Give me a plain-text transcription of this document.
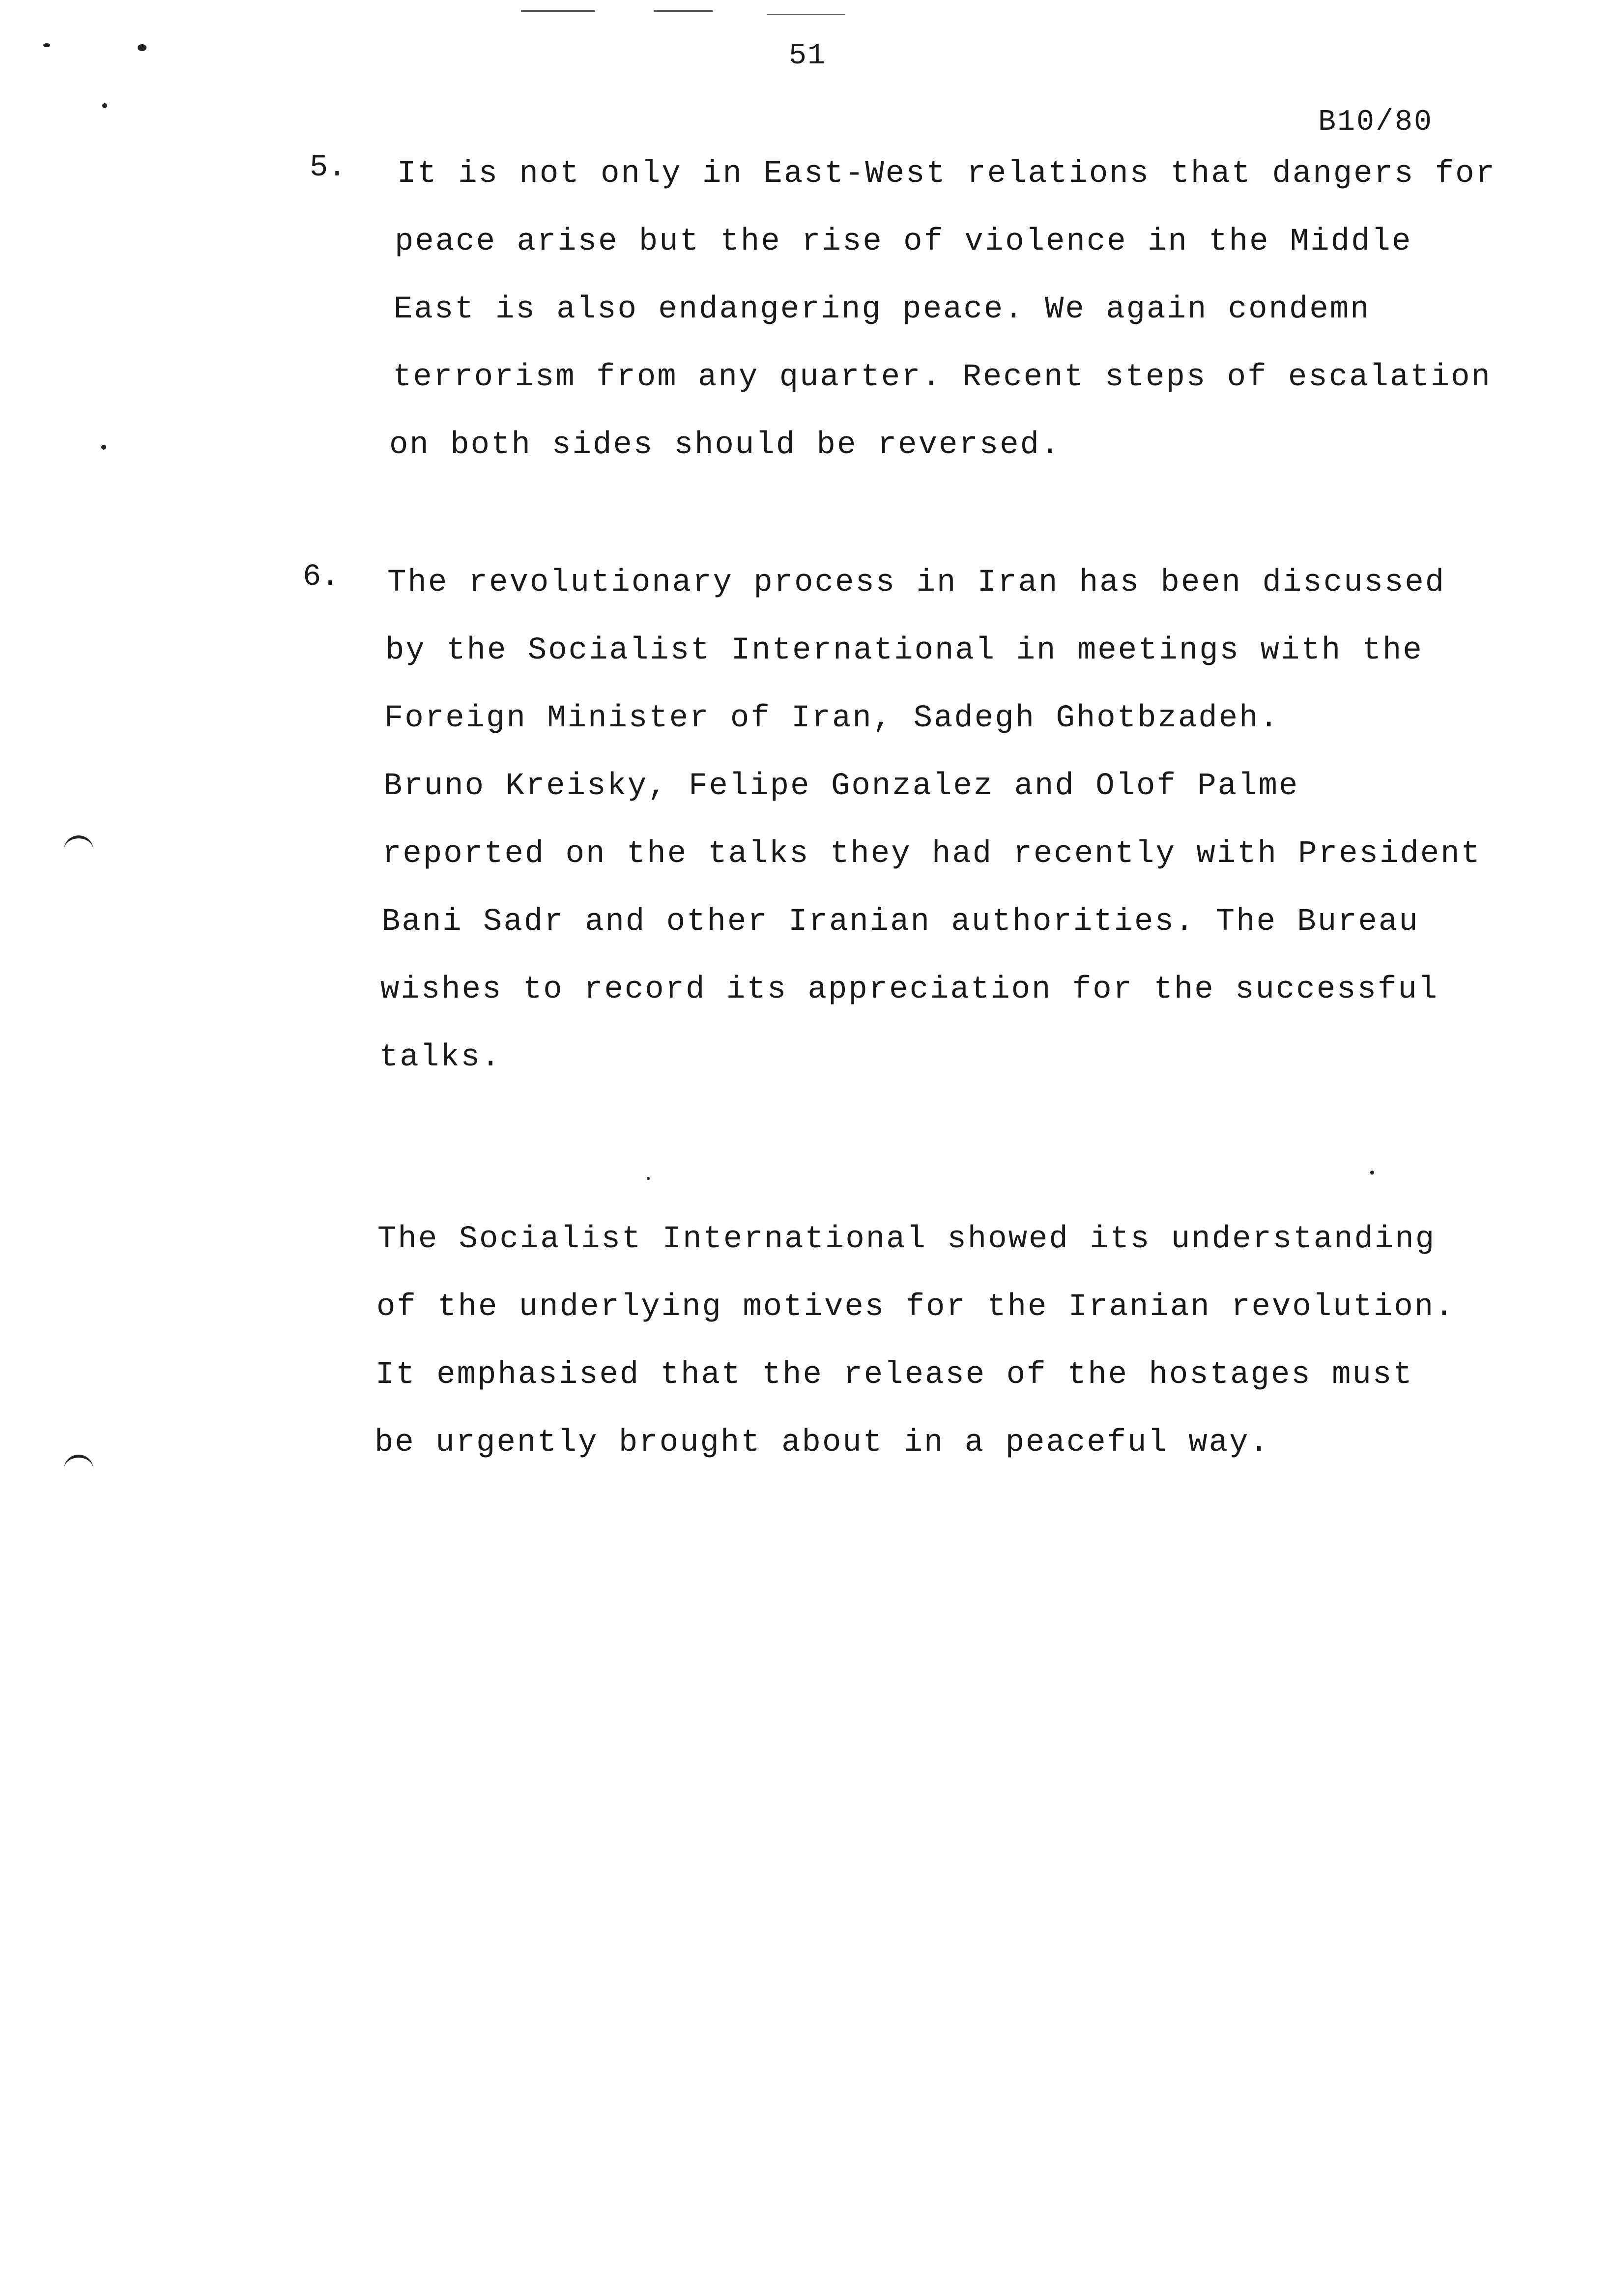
51
B10/80
5. It is not only in East-West relations that dangers for
peace arise but the rise of violence in the Middle
East is also endangering peace. We again condemn
terrorism from any quarter. Recent steps of escalation
on both sides should be reversed.
6. The revolutionary process in Iran has been discussed
by the Socialist International in meetings with the
Foreign Minister of Iran, Sadegh Ghotbzadeh.
Bruno Kreisky, Felipe Gonzalez and Olof Palme
reported on the talks they had recently with President
Bani Sadr and other Iranian authorities. The Bureau
wishes to record its appreciation for the successful
talks.
The Socialist International showed its understanding
of the underlying motives for the Iranian revolution.
It emphasised that the release of the hostages must
be urgently brought about in a peaceful way.
